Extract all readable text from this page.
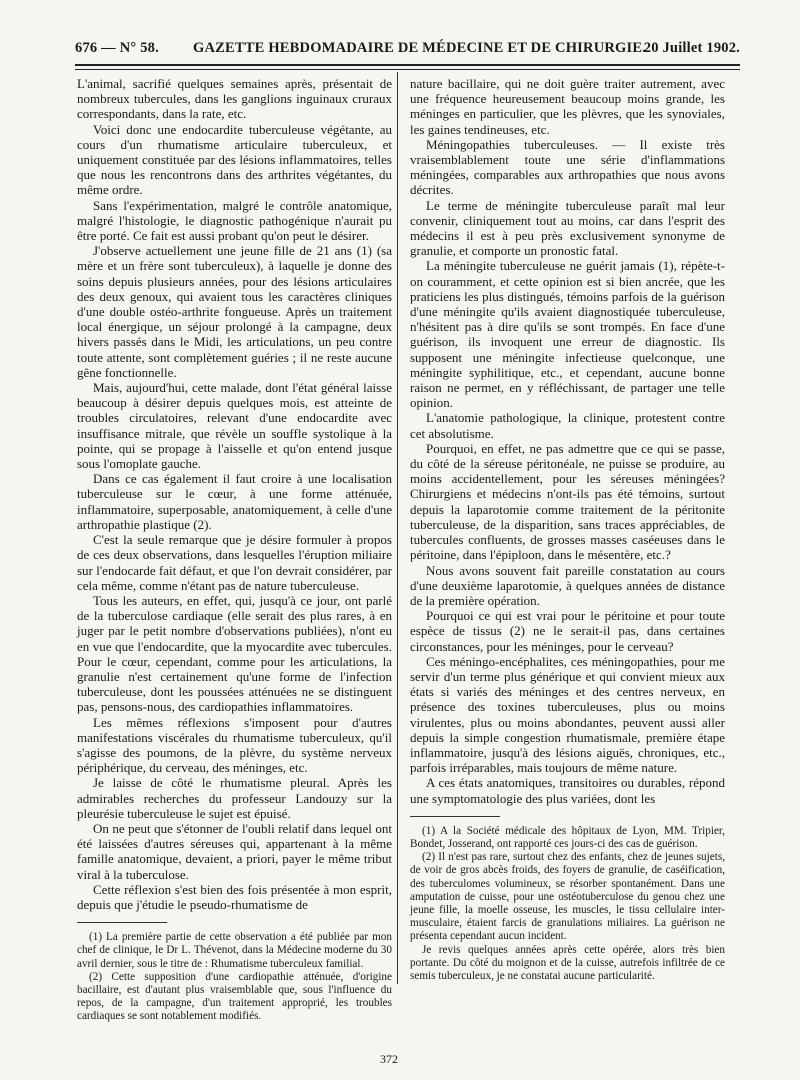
676 — N° 58. GAZETTE HEBDOMADAIRE DE MÉDECINE ET DE CHIRURGIE.
20 Juillet 1902.

L'animal, sacrifié quelques semaines après, présentait de nombreux tubercules, dans les ganglions inguinaux cruraux correspondants, dans la rate, etc.

Voici donc une endocardite tuberculeuse végétante, au cours d'un rhumatisme articulaire tuberculeux, et uniquement constituée par des lésions inflammatoires, telles que nous les rencontrons dans des arthrites végétantes, du même ordre.

Sans l'expérimentation, malgré le contrôle anatomique, malgré l'histologie, le diagnostic pathogénique n'aurait pu être porté. Ce fait est aussi probant qu'on peut le désirer.

J'observe actuellement une jeune fille de 21 ans (1) (sa mère et un frère sont tuberculeux), à laquelle je donne des soins depuis plusieurs années, pour des lésions articulaires des deux genoux, qui avaient tous les caractères cliniques d'une double ostéo-arthrite fongueuse. Après un traitement local énergique, un séjour prolongé à la campagne, deux hivers passés dans le Midi, les articulations, un peu contre toute attente, sont complètement guéries ; il ne reste aucune gêne fonctionnelle.

Mais, aujourd'hui, cette malade, dont l'état général laisse beaucoup à désirer depuis quelques mois, est atteinte de troubles circulatoires, relevant d'une endocardite avec insuffisance mitrale, que révèle un souffle systolique à la pointe, qui se propage à l'aisselle et qu'on entend jusque sous l'omoplate gauche.

Dans ce cas également il faut croire à une localisation tuberculeuse sur le cœur, à une forme atténuée, inflammatoire, superposable, anatomiquement, à celle d'une arthropathie plastique (2).

C'est la seule remarque que je désire formuler à propos de ces deux observations, dans lesquelles l'éruption miliaire sur l'endocarde fait défaut, et que l'on devrait considérer, par cela même, comme n'étant pas de nature tuberculeuse.

Tous les auteurs, en effet, qui, jusqu'à ce jour, ont parlé de la tuberculose cardiaque (elle serait des plus rares, à en juger par le petit nombre d'observations publiées), n'ont eu en vue que l'endocardite, que la myocardite avec tubercules. Pour le cœur, cependant, comme pour les articulations, la granulie n'est certainement qu'une forme de l'infection tuberculeuse, dont les poussées atténuées ne se distinguent pas, pensons-nous, des cardiopathies inflammatoires.

Les mêmes réflexions s'imposent pour d'autres manifestations viscérales du rhumatisme tuberculeux, qu'il s'agisse des poumons, de la plèvre, du système nerveux périphérique, du cerveau, des méninges, etc.

Je laisse de côté le rhumatisme pleural. Après les admirables recherches du professeur Landouzy sur la pleurésie tuberculeuse le sujet est épuisé.

On ne peut que s'étonner de l'oubli relatif dans lequel ont été laissées d'autres séreuses qui, appartenant à la même famille anatomique, devaient, a priori, payer le même tribut viral à la tuberculose.

Cette réflexion s'est bien des fois présentée à mon esprit, depuis que j'étudie le pseudo-rhumatisme de

(1) La première partie de cette observation a été publiée par mon chef de clinique, le Dr L. Thévenot, dans la Médecine moderne du 30 avril dernier, sous le titre de : Rhumatisme tuberculeux familial.

(2) Cette supposition d'une cardiopathie atténuée, d'origine bacillaire, est d'autant plus vraisemblable que, sous l'influence du repos, de la campagne, d'un traitement approprié, les troubles cardiaques se sont notablement modifiés.

nature bacillaire, qui ne doit guère traiter autrement, avec une fréquence heureusement beaucoup moins grande, les méninges en particulier, que les plèvres, que les synoviales, les gaines tendineuses, etc.

Méningopathies tuberculeuses. — Il existe très vraisemblablement toute une série d'inflammations méningées, comparables aux arthropathies que nous avons décrites.

Le terme de méningite tuberculeuse paraît mal leur convenir, cliniquement tout au moins, car dans l'esprit des médecins il est à peu près exclusivement synonyme de granulie, et comporte un pronostic fatal.

La méningite tuberculeuse ne guérit jamais (1), répète-t-on couramment, et cette opinion est si bien ancrée, que les praticiens les plus distingués, témoins parfois de la guérison d'une méningite qu'ils avaient diagnostiquée tuberculeuse, n'hésitent pas à dire qu'ils se sont trompés. En face d'une guérison, ils invoquent une erreur de diagnostic. Ils supposent une méningite infectieuse quelconque, une méningite syphilitique, etc., et cependant, aucune bonne raison ne permet, en y réfléchissant, de partager une telle opinion.

L'anatomie pathologique, la clinique, protestent contre cet absolutisme.

Pourquoi, en effet, ne pas admettre que ce qui se passe, du côté de la séreuse péritonéale, ne puisse se produire, au moins accidentellement, pour les séreuses méningées? Chirurgiens et médecins n'ont-ils pas été témoins, surtout depuis la laparotomie comme traitement de la péritonite tuberculeuse, de la disparition, sans traces appréciables, de tubercules confluents, de grosses masses caséeuses dans le péritoine, dans l'épiploon, dans le mésentère, etc.?

Nous avons souvent fait pareille constatation au cours d'une deuxième laparotomie, à quelques années de distance de la première opération.

Pourquoi ce qui est vrai pour le péritoine et pour toute espèce de tissus (2) ne le serait-il pas, dans certaines circonstances, pour les méninges, pour le cerveau?

Ces méningo-encéphalites, ces méningopathies, pour me servir d'un terme plus générique et qui convient mieux aux états si variés des méninges et des centres nerveux, en présence des toxines tuberculeuses, plus ou moins virulentes, plus ou moins abondantes, peuvent aussi aller depuis la simple congestion rhumatismale, première étape inflammatoire, jusqu'à des lésions aiguës, chroniques, etc., parfois irréparables, mais toujours de même nature.

A ces états anatomiques, transitoires ou durables, répond une symptomatologie des plus variées, dont les

(1) A la Société médicale des hôpitaux de Lyon, MM. Tripier, Bondet, Josserand, ont rapporté ces jours-ci des cas de guérison.

(2) Il n'est pas rare, surtout chez des enfants, chez de jeunes sujets, de voir de gros abcès froids, des foyers de granulie, de caséification, des tuberculomes volumineux, se résorber spontanément. Dans une amputation de cuisse, pour une ostéotuberculose du genou chez une jeune fille, la moelle osseuse, les muscles, le tissu cellulaire inter-musculaire, étaient farcis de granulations miliaires. La guérison ne présenta cependant aucun incident.

Je revis quelques années après cette opérée, alors très bien portante. Du côté du moignon et de la cuisse, autrefois infiltrée de ce semis tuberculeux, je ne constatai aucune particularité.

372
